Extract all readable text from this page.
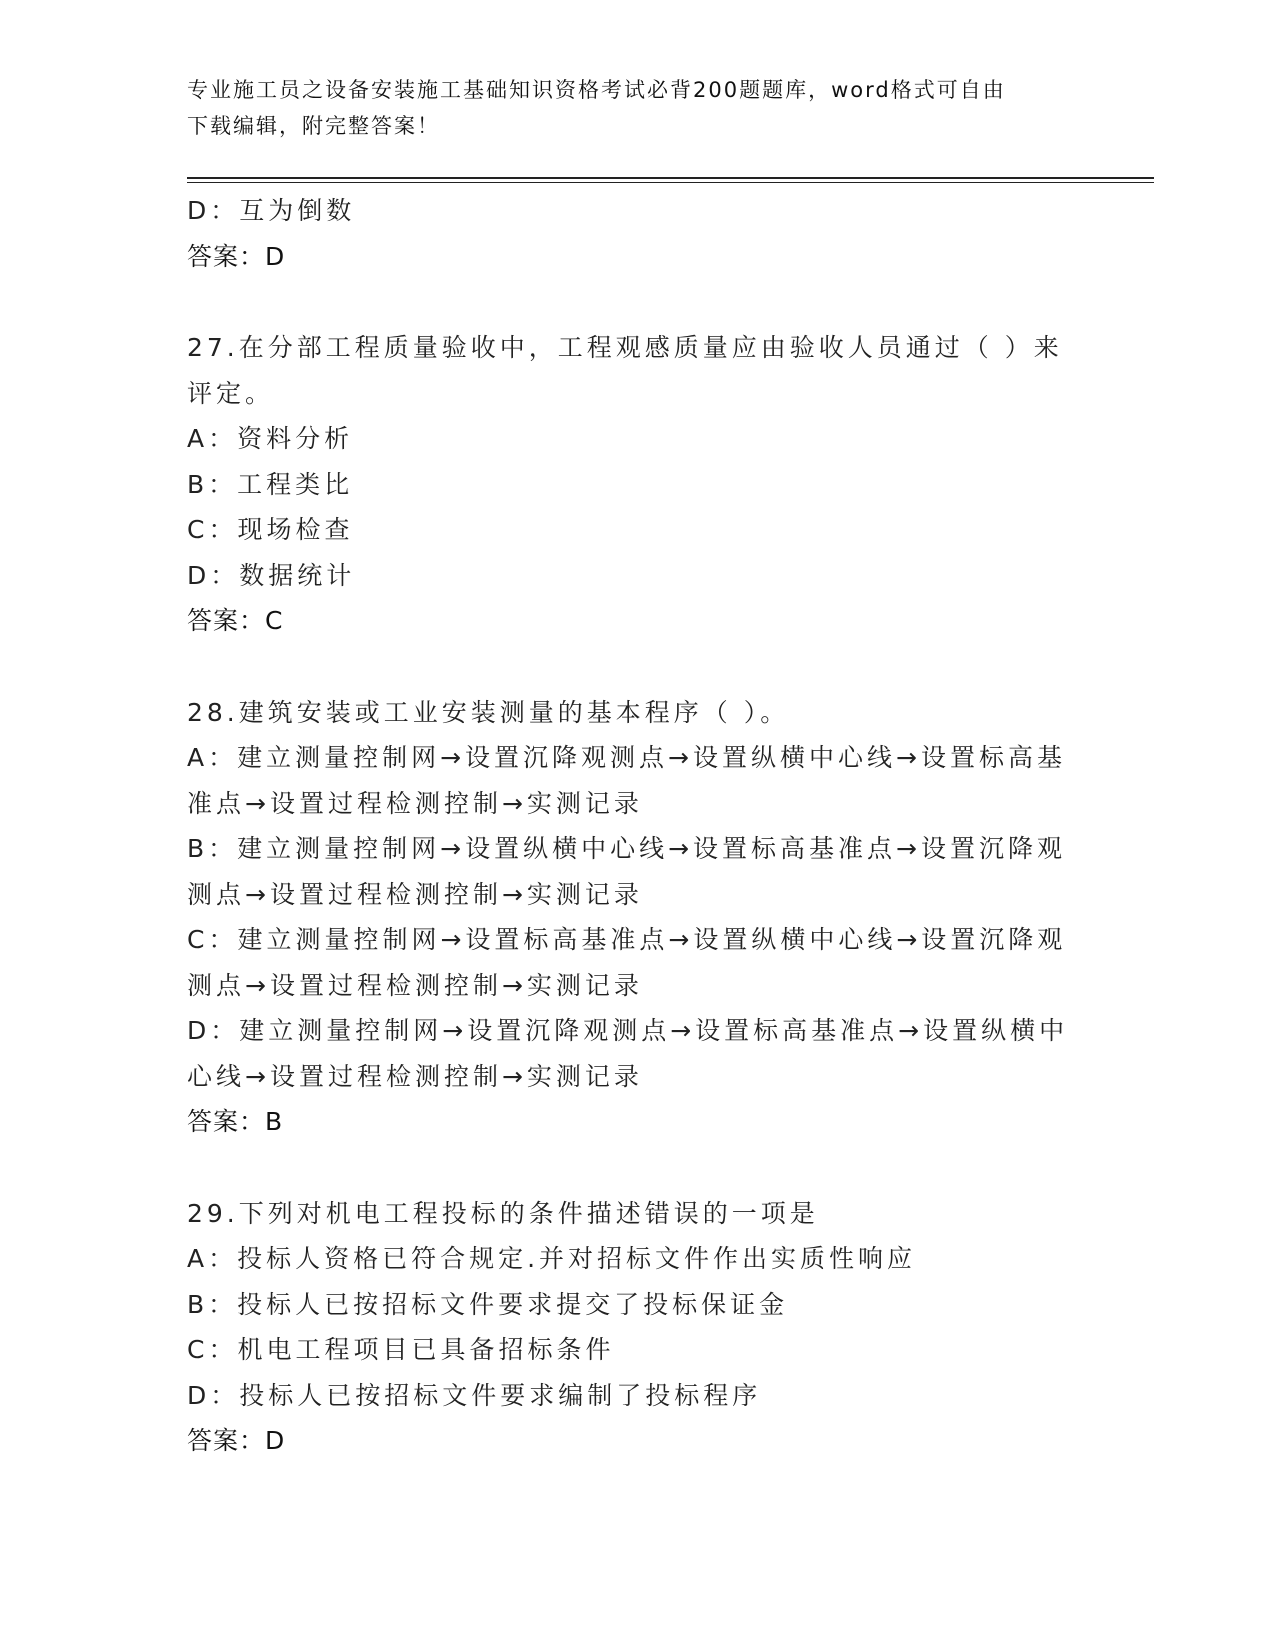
专业施工员之设备安装施工基础知识资格考试必背200题题库，word格式可自由
下载编辑，附完整答案！
D：互为倒数
答案：D
27.在分部工程质量验收中，工程观感质量应由验收人员通过（ ）来
评定。
A：资料分析
B：工程类比
C：现场检查
D：数据统计
答案：C
28.建筑安装或工业安装测量的基本程序（ ）。
A：建立测量控制网→设置沉降观测点→设置纵横中心线→设置标高基
准点→设置过程检测控制→实测记录
B：建立测量控制网→设置纵横中心线→设置标高基准点→设置沉降观
测点→设置过程检测控制→实测记录
C：建立测量控制网→设置标高基准点→设置纵横中心线→设置沉降观
测点→设置过程检测控制→实测记录
D：建立测量控制网→设置沉降观测点→设置标高基准点→设置纵横中
心线→设置过程检测控制→实测记录
答案：B
29.下列对机电工程投标的条件描述错误的一项是
A：投标人资格已符合规定.并对招标文件作出实质性响应
B：投标人已按招标文件要求提交了投标保证金
C：机电工程项目已具备招标条件
D：投标人已按招标文件要求编制了投标程序
答案：D
